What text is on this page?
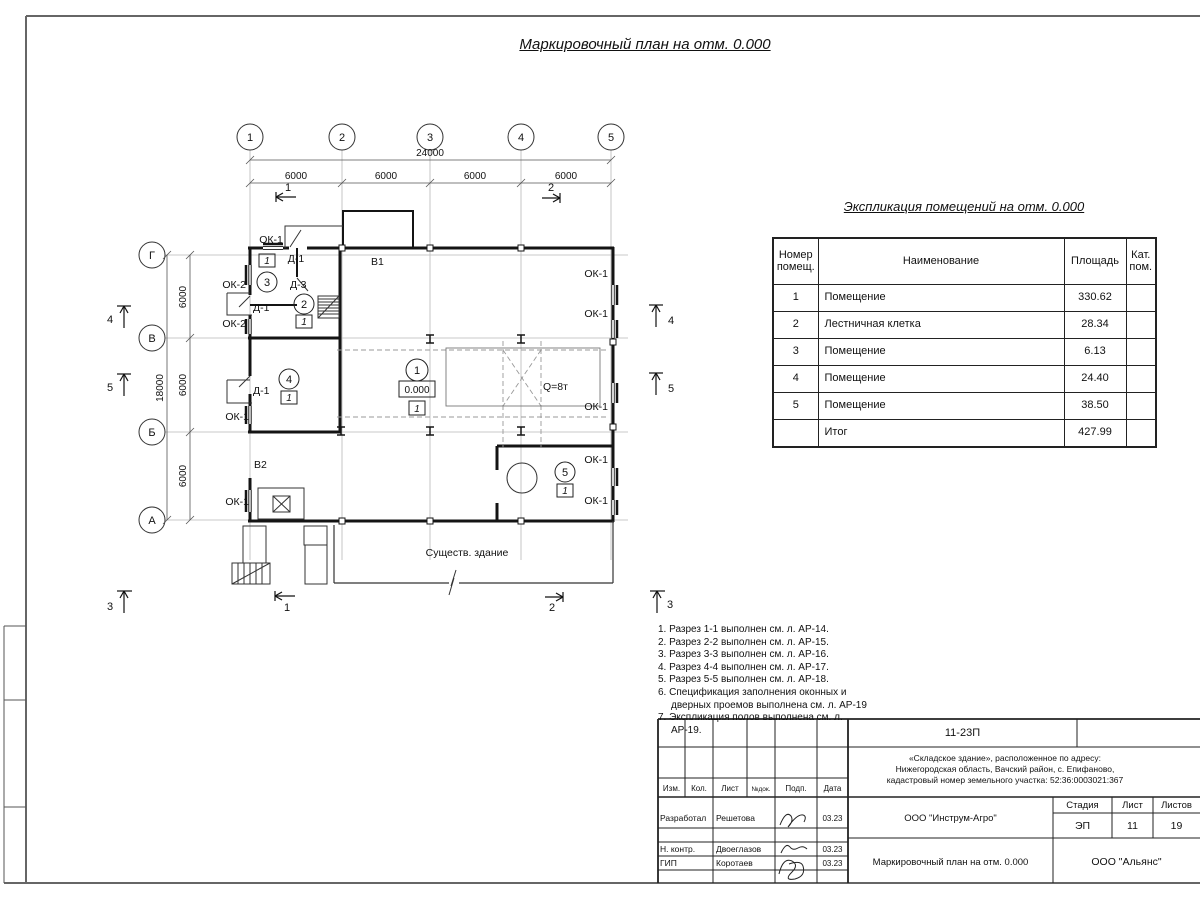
1	2	3	4	5
Г
В
Б
А
24000
6000	6000	6000	6000
18000
6000
6000
6000
1	2
4
5
4
5
3	3
1	2
1
0.000
1
2
1
3
1
4
1
5
1
ОК-1
Д-1
ОК-2	Д-3
Д-1
ОК-2
Д-1
ОК-1
ОК-1
В1
В2
ОК-1
ОК-1
ОК-1
ОК-1
ОК-1
Q=8т
Существ. здание
Маркировочный план на отм. 0.000
Экспликация помещений на отм. 0.000
Номер помещ.	Наименование	Площадь	Кат. пом.
1	Помещение	330.62	
2	Лестничная клетка	28.34	
3	Помещение	6.13	
4	Помещение	24.40	
5	Помещение	38.50	
	Итог	427.99	
1. Разрез 1-1 выполнен см. л. АР-14.
2. Разрез 2-2 выполнен см. л. АР-15.
3. Разрез 3-3 выполнен см. л. АР-16.
4. Разрез 4-4 выполнен см. л. АР-17.
5. Разрез 5-5 выполнен см. л. АР-18.
6. Спецификация заполнения оконных и дверных проемов выполнена см. л. АР-19
7. Экспликация полов выполнена см. л. АР-19.	11-23П
«Складское здание», расположенное по адресу:
Нижегородская область, Вачский район, с. Епифаново,
кадастровый номер земельного участка: 52:36:0003021:367
Изм.	Кол.	Лист	№док.	Подп.	Дата
Разработал Решетова	03.23
Н. контр. Двоеглазов	03.23
ГИП	Коротаев	03.23
ООО "Инструм-Агро"
Маркировочный план на отм. 0.000	ООО "Альянс"
Стадия	Лист	Листов
ЭП	11	19
